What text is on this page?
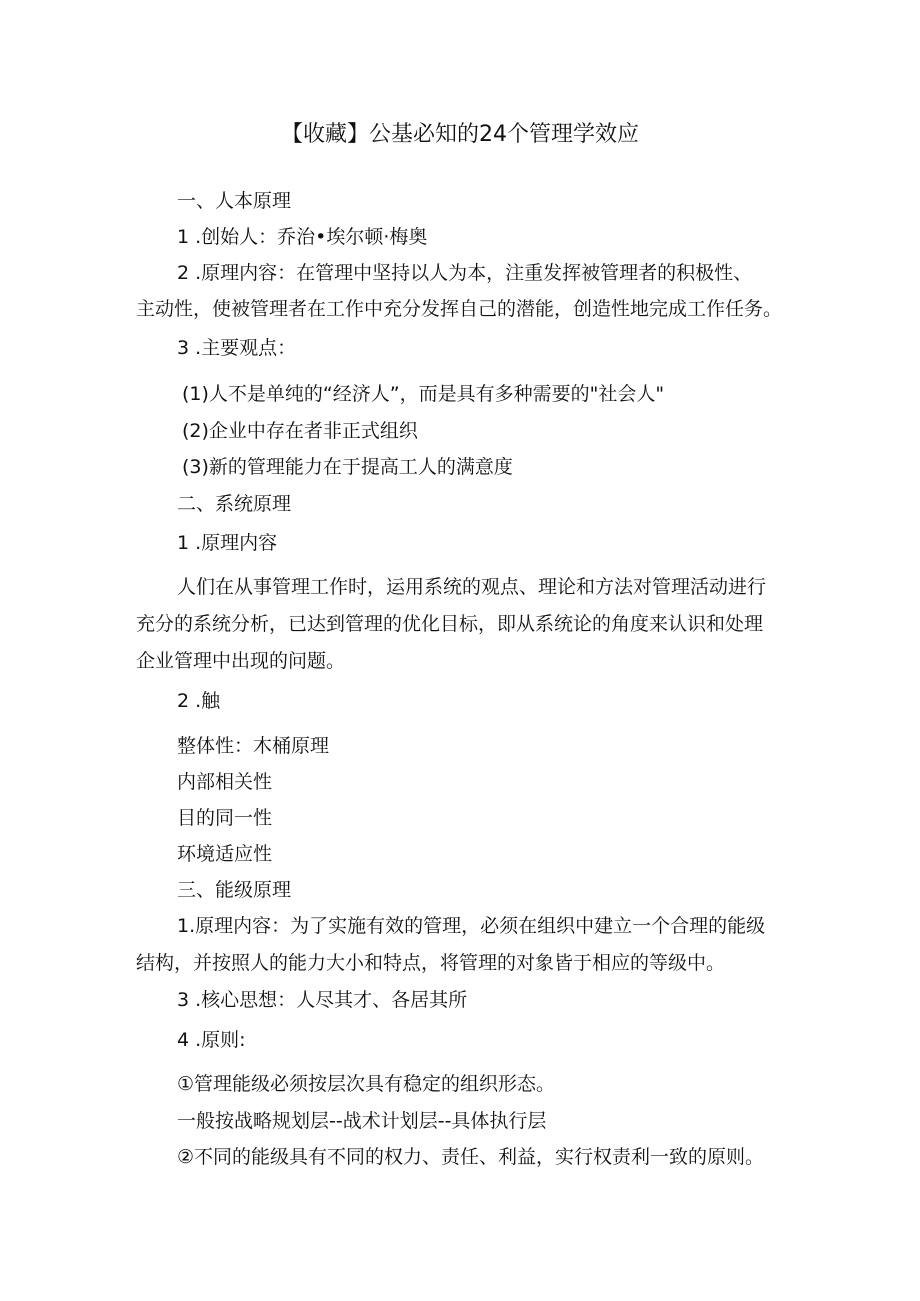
【收藏】公基必知的24个管理学效应
一、人本原理
1 .创始人：乔治•埃尔顿·梅奥
2 .原理内容：在管理中坚持以人为本，注重发挥被管理者的积极性、
主动性，使被管理者在工作中充分发挥自己的潜能，创造性地完成工作任务。
3 .主要观点：
(1)人不是单纯的“经济人”，而是具有多种需要的"社会人"
(2)企业中存在者非正式组织
(3)新的管理能力在于提高工人的满意度
二、系统原理
1 .原理内容
人们在从事管理工作时，运用系统的观点、理论和方法对管理活动进行
充分的系统分析，已达到管理的优化目标，即从系统论的角度来认识和处理
企业管理中出现的问题。
2 .触
整体性：木桶原理
内部相关性
目的同一性
环境适应性
三、能级原理
1.原理内容：为了实施有效的管理，必须在组织中建立一个合理的能级
结构，并按照人的能力大小和特点，将管理的对象皆于相应的等级中。
3 .核心思想：人尽其才、各居其所
4 .原则:
①管理能级必须按层次具有稳定的组织形态。
一般按战略规划层--战术计划层--具体执行层
②不同的能级具有不同的权力、责任、利益，实行权责利一致的原则。
